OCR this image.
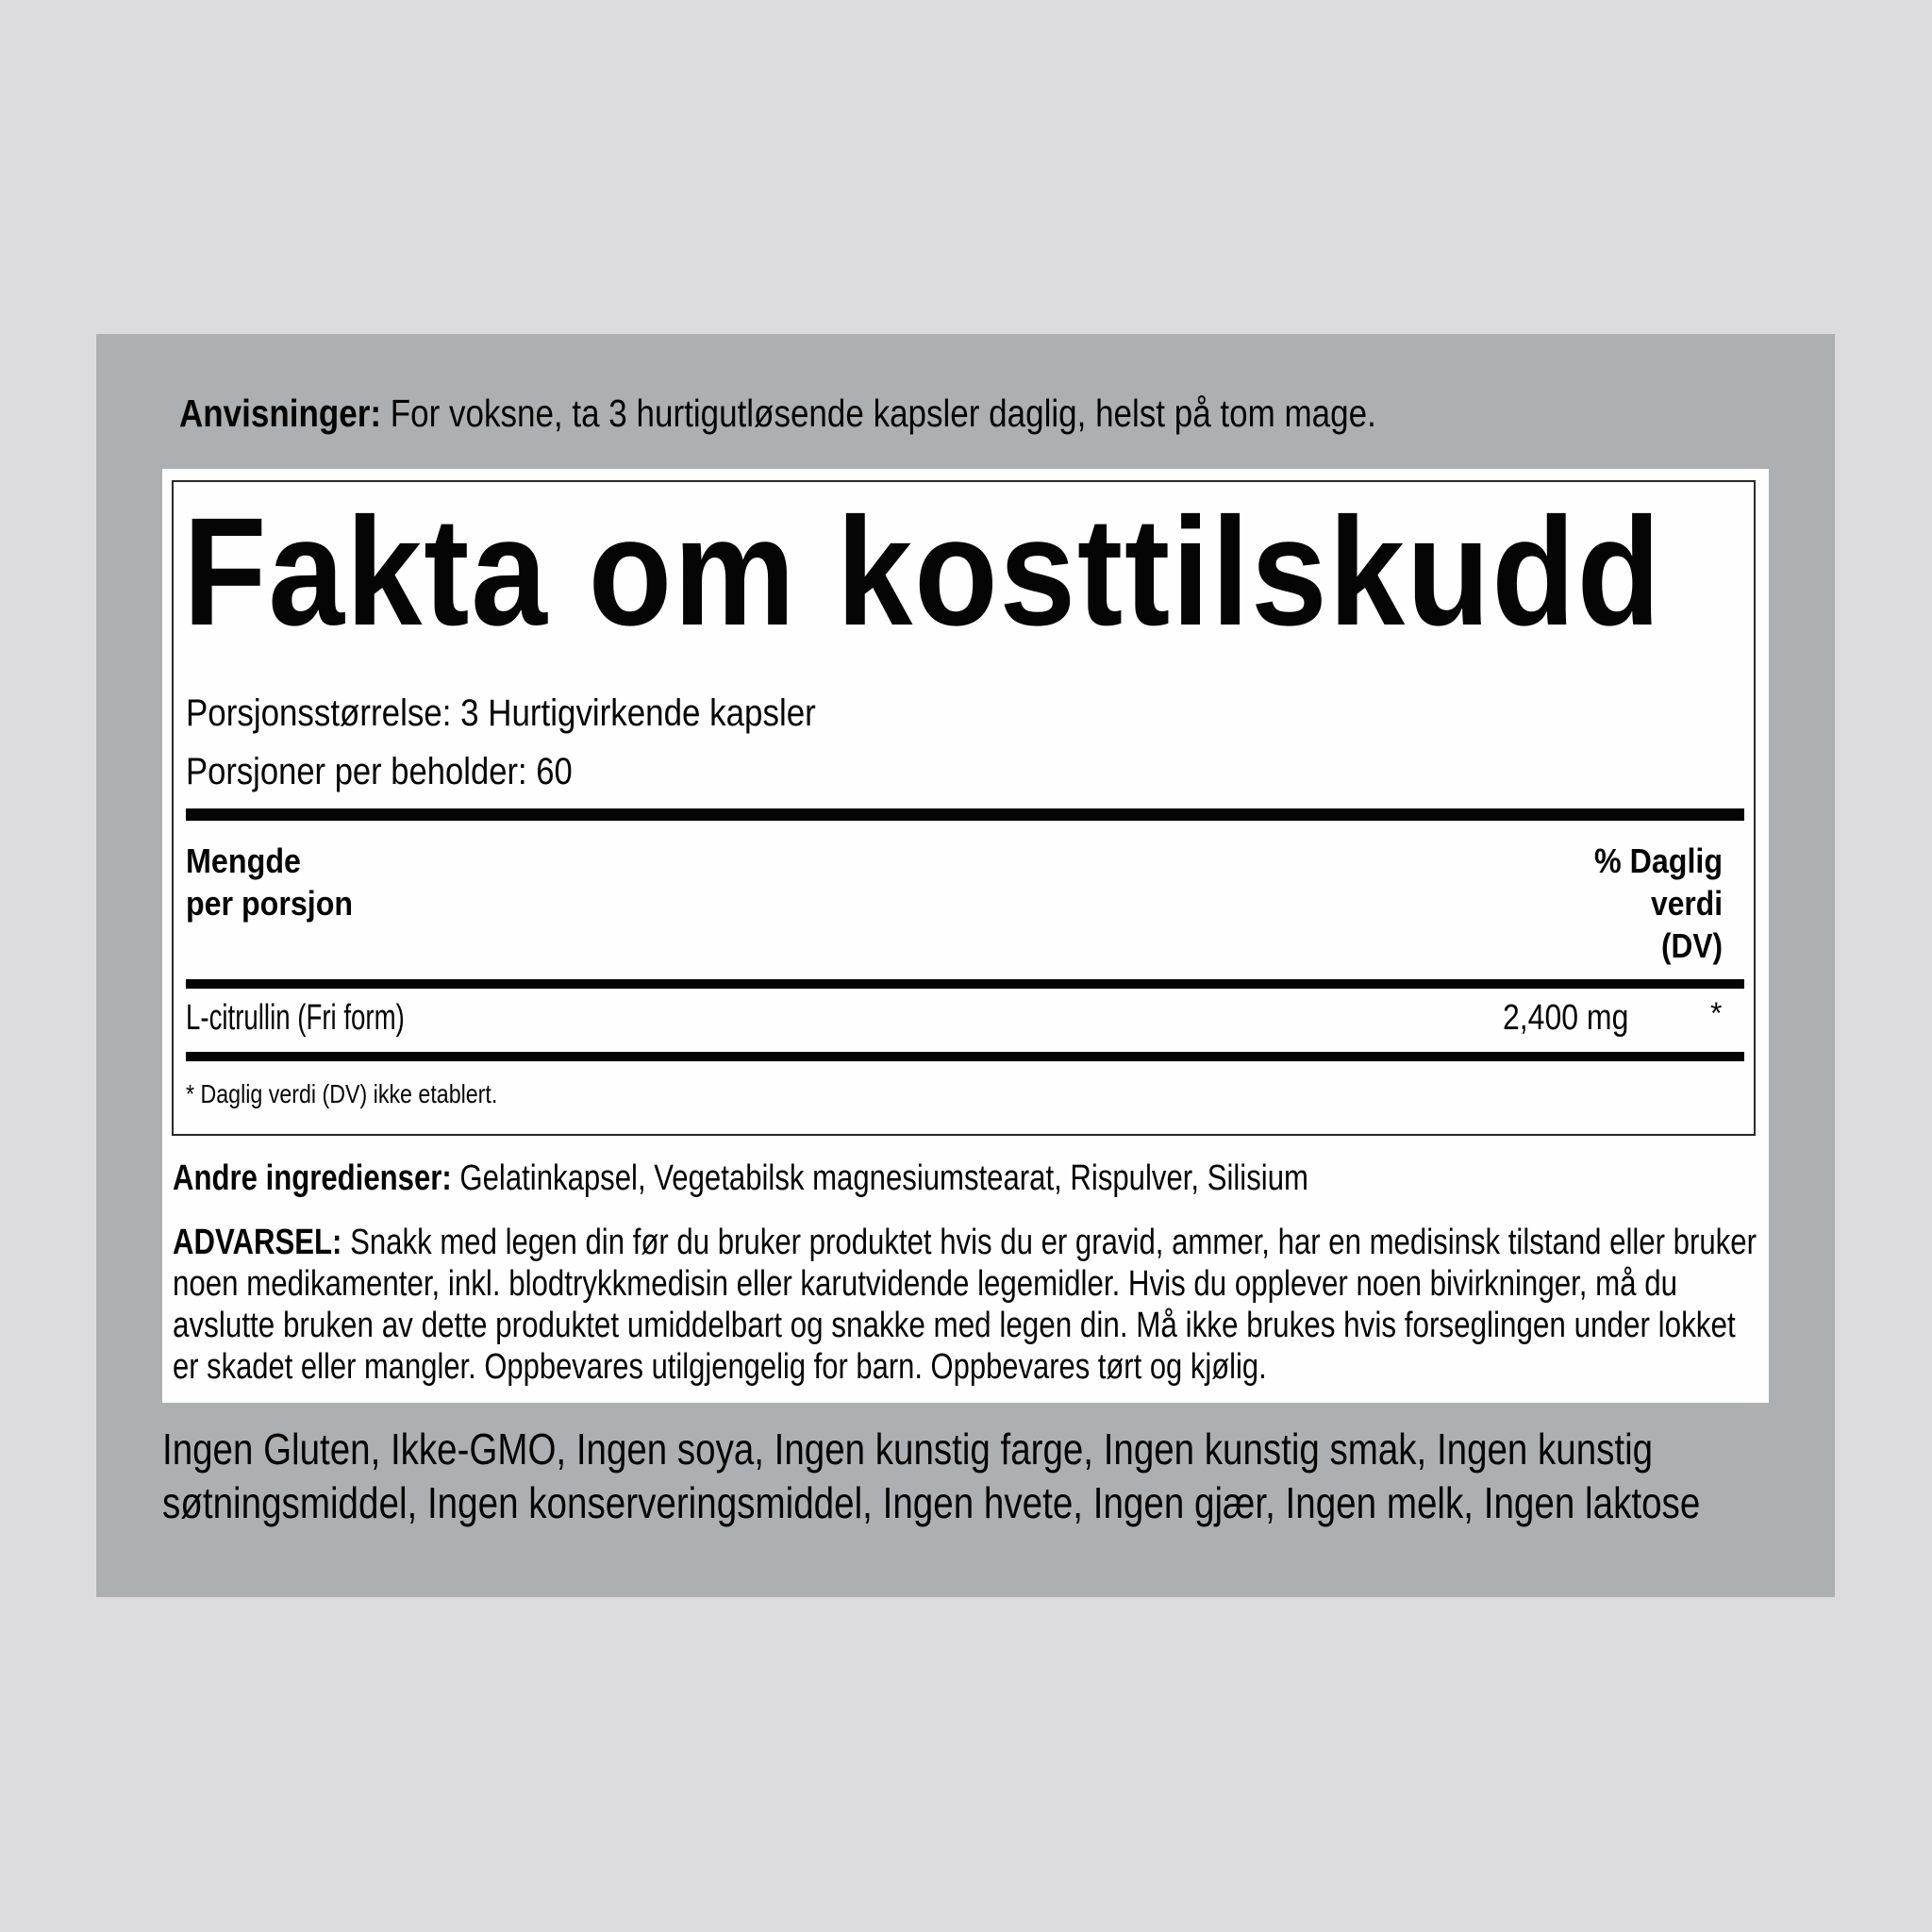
Anvisninger: For voksne, ta 3 hurtigutløsende kapsler daglig, helst på tom mage.
Fakta om kosttilskudd
Porsjonsstørrelse: 3 Hurtigvirkende kapsler
Porsjoner per beholder: 60
Mengde
per porsjon
% Daglig
verdi
(DV)
L-citrullin (Fri form)	2,400 mg	*
* Daglig verdi (DV) ikke etablert.
Andre ingredienser: Gelatinkapsel, Vegetabilsk magnesiumstearat, Rispulver, Silisium
ADVARSEL: Snakk med legen din før du bruker produktet hvis du er gravid, ammer, har en medisinsk tilstand eller bruker
noen medikamenter, inkl. blodtrykkmedisin eller karutvidende legemidler. Hvis du opplever noen bivirkninger, må du
avslutte bruken av dette produktet umiddelbart og snakke med legen din. Må ikke brukes hvis forseglingen under lokket
er skadet eller mangler. Oppbevares utilgjengelig for barn. Oppbevares tørt og kjølig.
Ingen Gluten, Ikke-GMO, Ingen soya, Ingen kunstig farge, Ingen kunstig smak, Ingen kunstig
søtningsmiddel, Ingen konserveringsmiddel, Ingen hvete, Ingen gjær, Ingen melk, Ingen laktose
